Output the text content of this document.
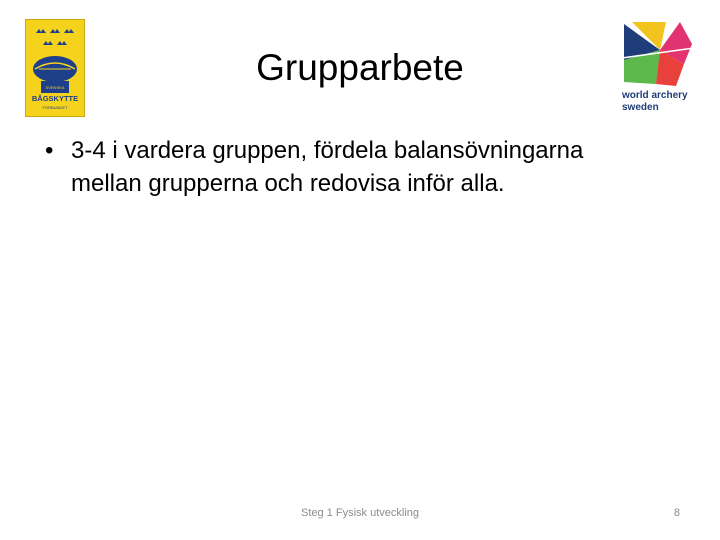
SVENSKA
BÅGSKYTTE
FÖRBUNDET
Grupparbete
world archery
sweden
• 3-4 i vardera gruppen, fördela balansövningarna mellan grupperna och redovisa inför alla.
Steg 1 Fysisk utveckling	8
